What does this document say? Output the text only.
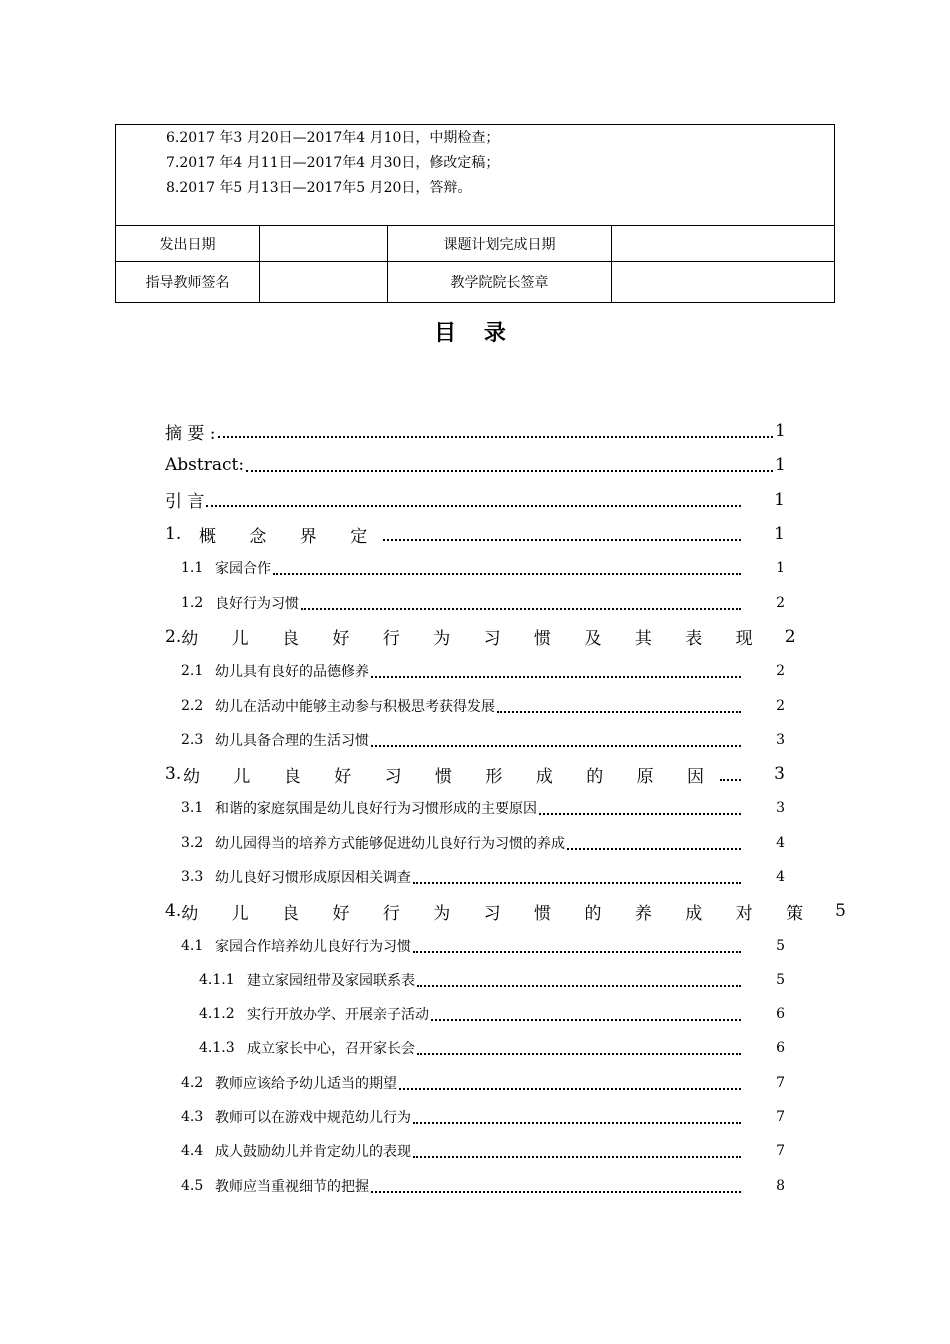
6.2017 年3 月20日—2017年4 月10日，中期检查；
7.2017 年4 月11日—2017年4 月30日，修改定稿；
8.2017 年5 月13日—2017年5 月20日，答辩。			

发出日期		课题计划完成日期	
指导教师签名		教学院院长签章	
目 录
摘 要 :	1
Abstract:	1
引 言	1
1.	概 念 界 定	1
1.1 家园合作	1
1.2 良好行为习惯	2
2. 幼 儿 良 好 行 为 习 惯 及 其 表 现 2
2.1 幼儿具有良好的品德修养	2
2.2 幼儿在活动中能够主动参与积极思考获得发展	2
2.3 幼儿具备合理的生活习惯	3
3. 幼 儿 良 好 习 惯 形 成 的 原 因	3
3.1 和谐的家庭氛围是幼儿良好行为习惯形成的主要原因	3
3.2 幼儿园得当的培养方式能够促进幼儿良好行为习惯的养成	4
3.3 幼儿良好习惯形成原因相关调查	4
4. 幼 儿 良 好 行 为 习 惯 的 养 成 对 策 5
4.1 家园合作培养幼儿良好行为习惯	5
4.1.1 建立家园纽带及家园联系表	5
4.1.2 实行开放办学、开展亲子活动	6
4.1.3 成立家长中心，召开家长会	6
4.2 教师应该给予幼儿适当的期望	7
4.3 教师可以在游戏中规范幼儿行为	7
4.4 成人鼓励幼儿并肯定幼儿的表现	7
4.5 教师应当重视细节的把握	8
